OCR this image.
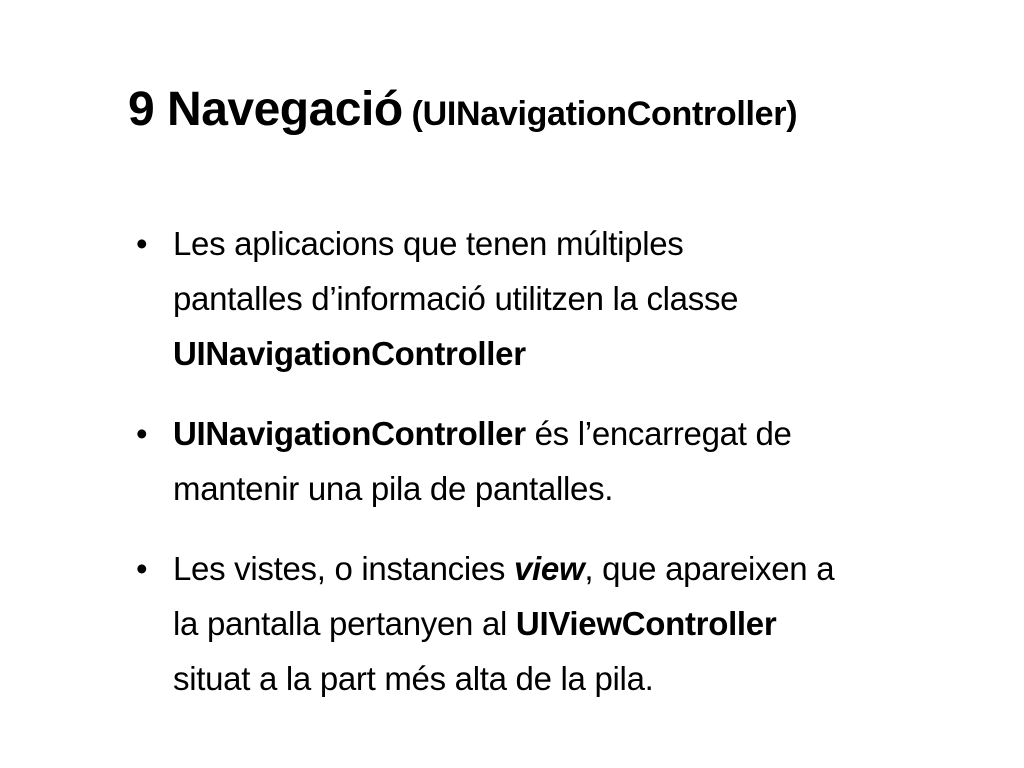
9 Navegació (UINavigationController)
• Les aplicacions que tenen múltiples
pantalles d’informació utilitzen la classe
UINavigationController
• UINavigationController és l’encarregat de
mantenir una pila de pantalles.
• Les vistes, o instancies view, que apareixen a
la pantalla pertanyen al UIViewController
situat a la part més alta de la pila.
